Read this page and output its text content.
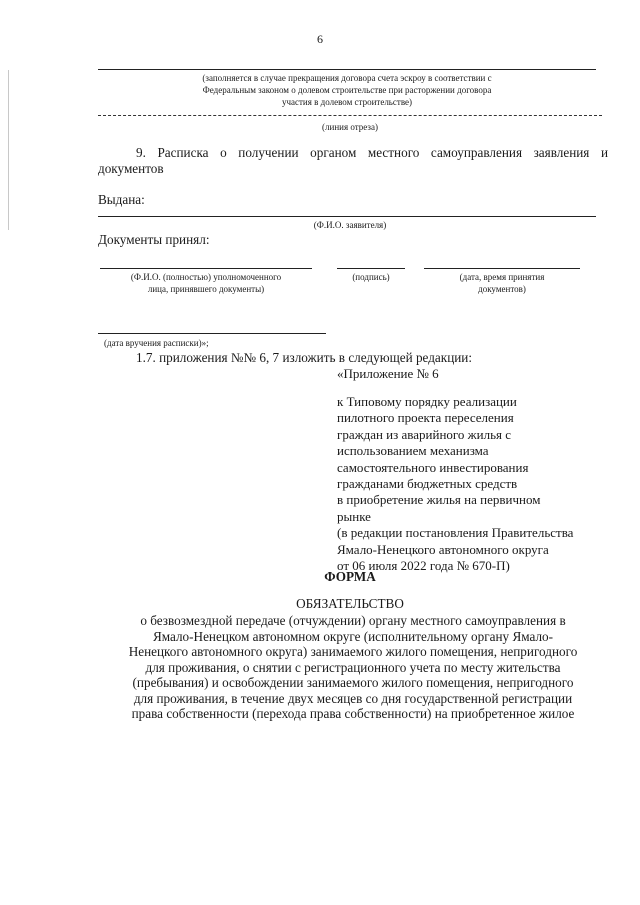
6
(заполняется в случае прекращения договора счета эскроу в соответствии с
Федеральным законом о долевом строительстве при расторжении договора
участия в долевом строительстве)
(линия отреза)
9. Расписка о получении органом местного самоуправления заявления и
документов
Выдана:
(Ф.И.О. заявителя)
Документы принял:
(Ф.И.О. (полностью) уполномоченного
лица, принявшего документы)
(подпись)	(дата, время принятия
документов)
(дата вручения расписки)»;
1.7. приложения №№ 6, 7 изложить в следующей редакции:
«Приложение № 6
к Типовому порядку реализации
пилотного проекта переселения
граждан из аварийного жилья с
использованием механизма
самостоятельного инвестирования
гражданами бюджетных средств
в приобретение жилья на первичном
рынке
(в редакции постановления Правительства
Ямало-Ненецкого автономного округа
от 06 июля 2022 года № 670-П)
ФОРМА
ОБЯЗАТЕЛЬСТВО
о безвозмездной передаче (отчуждении) органу местного самоуправления в
Ямало-Ненецком автономном округе (исполнительному органу Ямало-
Ненецкого автономного округа) занимаемого жилого помещения, непригодного
для проживания, о снятии с регистрационного учета по месту жительства
(пребывания) и освобождении занимаемого жилого помещения, непригодного
для проживания, в течение двух месяцев со дня государственной регистрации
права собственности (перехода права собственности) на приобретенное жилое
